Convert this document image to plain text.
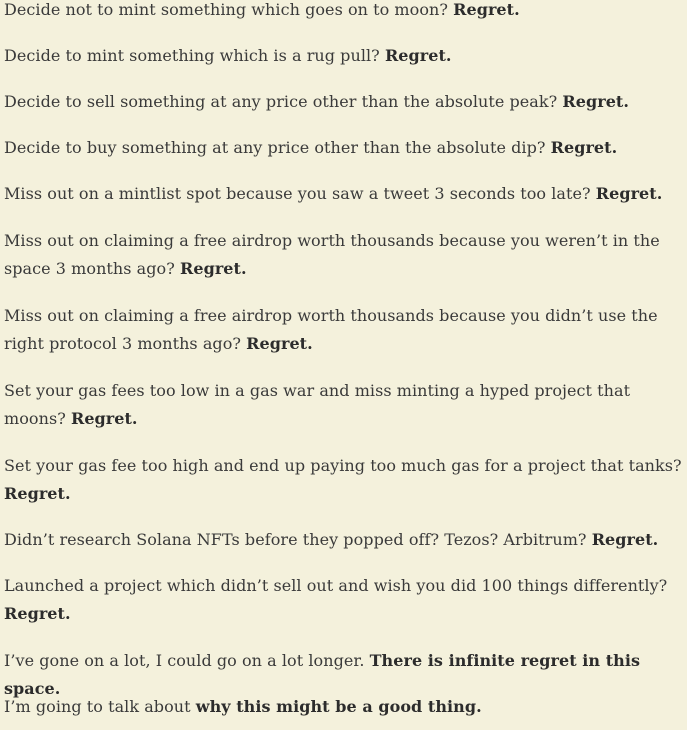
Decide not to mint something which goes on to moon? Regret.

Decide to mint something which is a rug pull? Regret.

Decide to sell something at any price other than the absolute peak? Regret.

Decide to buy something at any price other than the absolute dip? Regret.

Miss out on a mintlist spot because you saw a tweet 3 seconds too late? Regret.

Miss out on claiming a free airdrop worth thousands because you weren’t in the space 3 months ago? Regret.

Miss out on claiming a free airdrop worth thousands because you didn’t use the right protocol 3 months ago? Regret.

Set your gas fees too low in a gas war and miss minting a hyped project that moons? Regret.

Set your gas fee too high and end up paying too much gas for a project that tanks? Regret.

Didn’t research Solana NFTs before they popped off? Tezos? Arbitrum? Regret.

Launched a project which didn’t sell out and wish you did 100 things differently? Regret.

I’ve gone on a lot, I could go on a lot longer. There is infinite regret in this space.

I’m going to talk about why this might be a good thing.
